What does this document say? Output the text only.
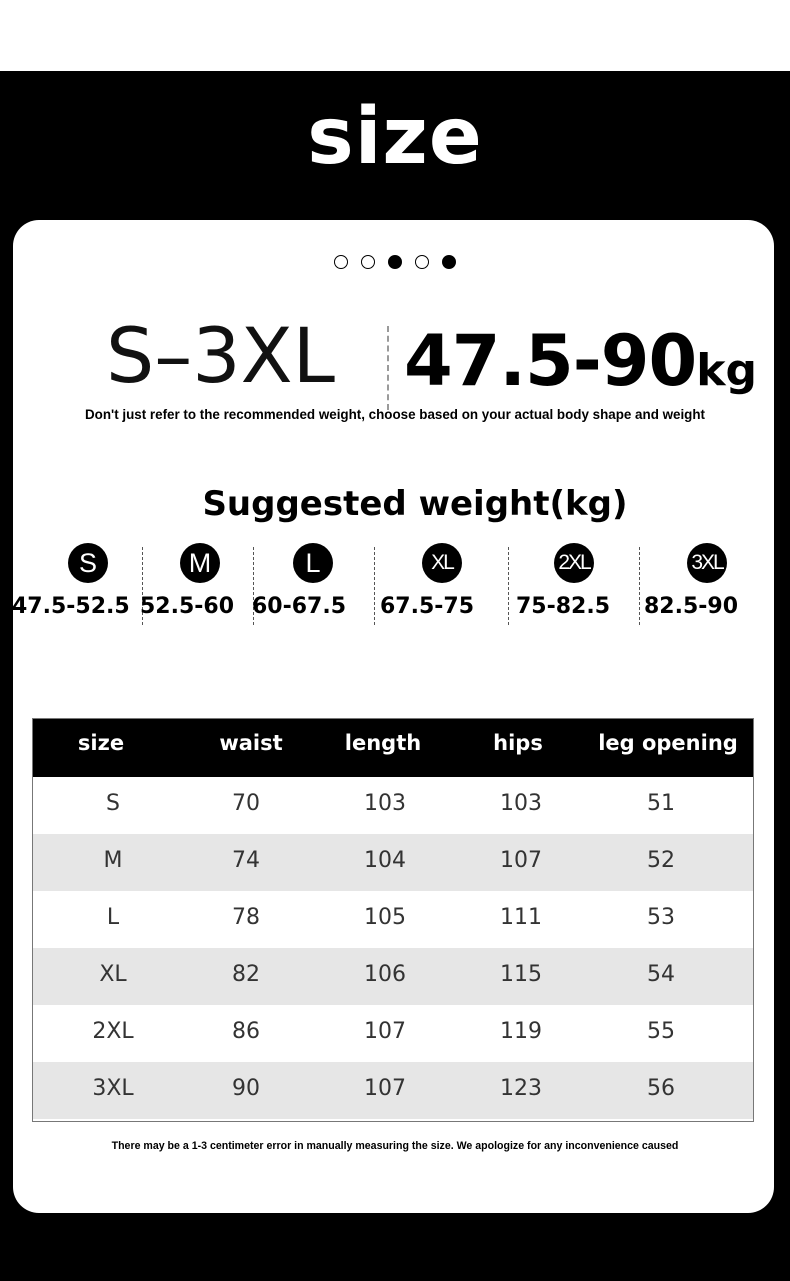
size
S–3XL 47.5-90kg
Don't just refer to the recommended weight, choose based on your actual body shape and weight
Suggested weight(kg)
S
47.5-52.5
M
52.5-60
L
60-67.5
XL
67.5-75
2XL
75-82.5
3XL
82.5-90
size	waist	length	hips	leg opening
S	70	103	103	51
M	74	104	107	52
L	78	105	111	53
XL	82	106	115	54
2XL	86	107	119	55
3XL	90	107	123	56
There may be a 1-3 centimeter error in manually measuring the size. We apologize for any inconvenience caused
